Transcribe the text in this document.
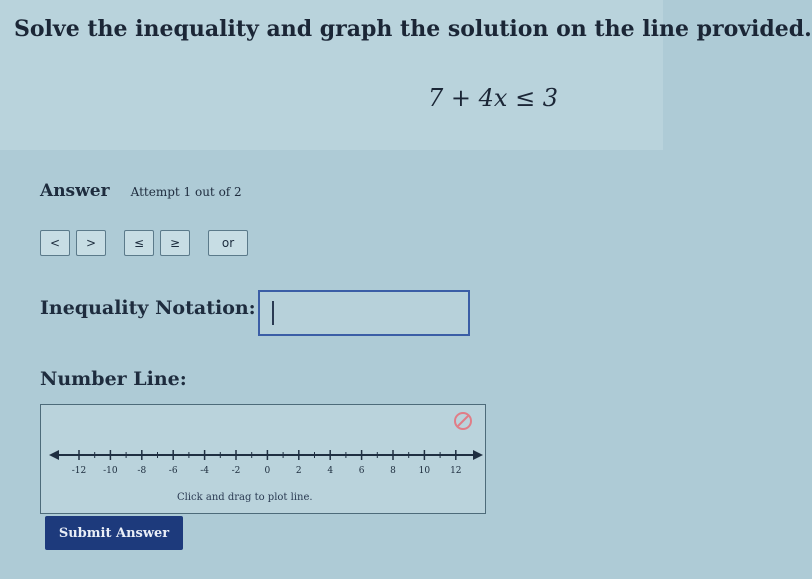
Solve the inequality and graph the solution on the line provided.
7 + 4x ≤ 3
Answer Attempt 1 out of 2
<	>	≤	≥	or
Inequality Notation:
Number Line:
-12 -10 -8	-6	-4	-2	0	2	4	6	8	10 12
Click and drag to plot line.
Submit Answer
